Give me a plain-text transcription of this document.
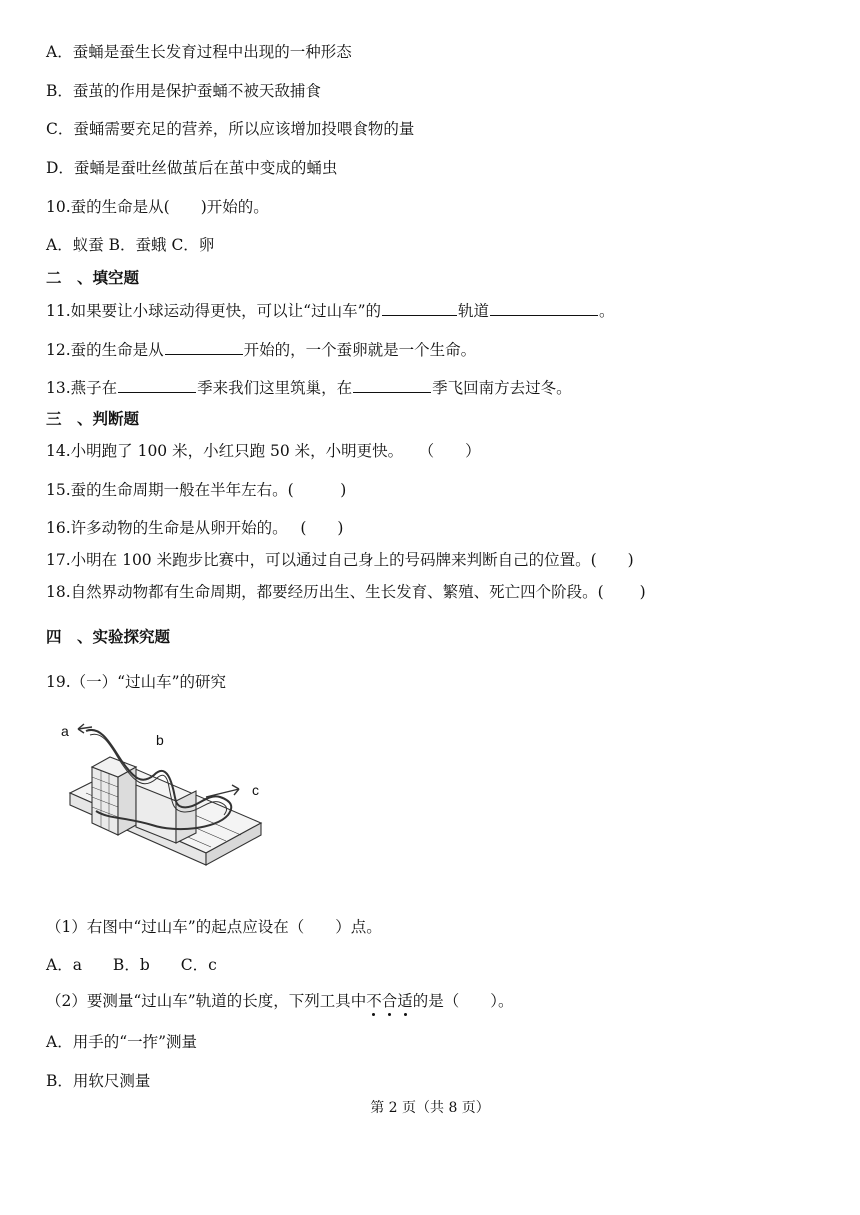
A．蚕蛹是蚕生长发育过程中出现的一种形态
B．蚕茧的作用是保护蚕蛹不被天敌捕食
C．蚕蛹需要充足的营养，所以应该增加投喂食物的量
D．蚕蛹是蚕吐丝做茧后在茧中变成的蛹虫
10.蚕的生命是从(　　)开始的。
A．蚁蚕 B．蚕蛾 C．卵
二　、填空题
11.如果要让小球运动得更快，可以让“过山车”的	轨道	。
12.蚕的生命是从	开始的，一个蚕卵就是一个生命。
13.燕子在	季来我们这里筑巢，在	季飞回南方去过冬。
三　、判断题
14.小明跑了 100 米，小红只跑 50 米，小明更快。　　（　　）
15.蚕的生命周期一般在半年左右。(　　　)
16.许多动物的生命是从卵开始的。　 (　　)
17.小明在 100 米跑步比赛中，可以通过自己身上的号码牌来判断自己的位置。(　　)
18.自然界动物都有生命周期，都要经历出生、生长发育、繁殖、死亡四个阶段。(　　 )
四　、实验探究题
19.（一）“过山车”的研究
a
b
c
（1）右图中“过山车”的起点应设在（　　）点。
A．a　　B．b　　C．c
（2）要测量“过山车”轨道的长度，下列工具中不合适的是（　　）。
A．用手的“一拃”测量
B．用软尺测量
第 2 页（共 8 页）
